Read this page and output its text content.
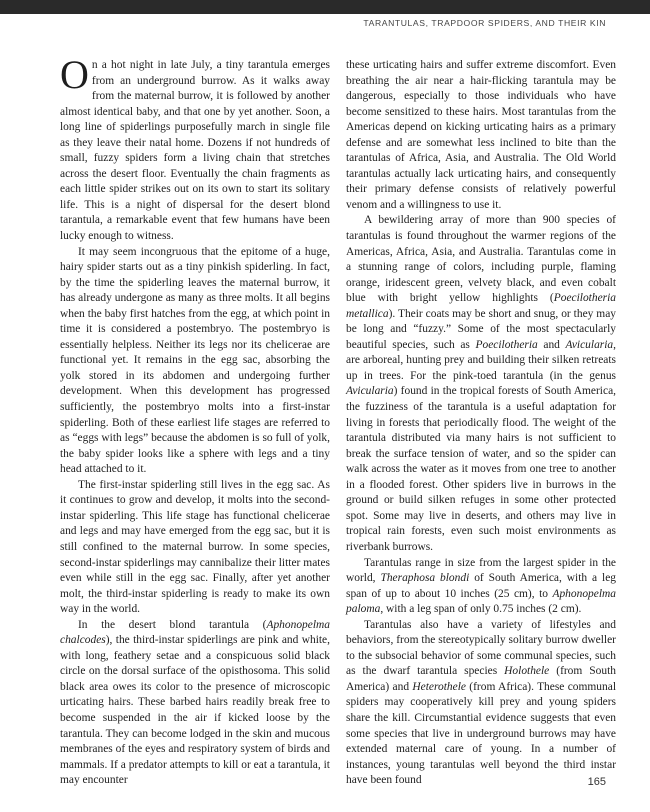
TARANTULAS, TRAPDOOR SPIDERS, AND THEIR KIN

On a hot night in late July, a tiny tarantula emerges from an underground burrow. As it walks away from the maternal burrow, it is followed by another almost identical baby, and that one by yet another. Soon, a long line of spiderlings purposefully march in single file as they leave their natal home. Dozens if not hundreds of small, fuzzy spiders form a living chain that stretches across the desert floor. Eventually the chain fragments as each little spider strikes out on its own to start its solitary life. This is a night of dispersal for the desert blond tarantula, a remarkable event that few humans have been lucky enough to witness.

It may seem incongruous that the epitome of a huge, hairy spider starts out as a tiny pinkish spiderling. In fact, by the time the spiderling leaves the maternal burrow, it has already undergone as many as three molts. It all begins when the baby first hatches from the egg, at which point in time it is considered a postembryo. The postembryo is essentially helpless. Neither its legs nor its chelicerae are functional yet. It remains in the egg sac, absorbing the yolk stored in its abdomen and undergoing further development. When this development has progressed sufficiently, the postembryo molts into a first-instar spiderling. Both of these earliest life stages are referred to as “eggs with legs” because the abdomen is so full of yolk, the baby spider looks like a sphere with legs and a tiny head attached to it.

The first-instar spiderling still lives in the egg sac. As it continues to grow and develop, it molts into the second-instar spiderling. This life stage has functional chelicerae and legs and may have emerged from the egg sac, but it is still confined to the maternal burrow. In some species, second-instar spiderlings may cannibalize their litter mates even while still in the egg sac. Finally, after yet another molt, the third-instar spiderling is ready to make its own way in the world.

In the desert blond tarantula (Aphonopelma chalcodes), the third-instar spiderlings are pink and white, with long, feathery setae and a conspicuous solid black circle on the dorsal surface of the opisthosoma. This solid black area owes its color to the presence of microscopic urticating hairs. These barbed hairs readily break free to become suspended in the air if kicked loose by the tarantula. They can become lodged in the skin and mucous membranes of the eyes and respiratory system of birds and mammals. If a predator attempts to kill or eat a tarantula, it may encounter

these urticating hairs and suffer extreme discomfort. Even breathing the air near a hair-flicking tarantula may be dangerous, especially to those individuals who have become sensitized to these hairs. Most tarantulas from the Americas depend on kicking urticating hairs as a primary defense and are somewhat less inclined to bite than the tarantulas of Africa, Asia, and Australia. The Old World tarantulas actually lack urticating hairs, and consequently their primary defense consists of relatively powerful venom and a willingness to use it.

A bewildering array of more than 900 species of tarantulas is found throughout the warmer regions of the Americas, Africa, Asia, and Australia. Tarantulas come in a stunning range of colors, including purple, flaming orange, iridescent green, velvety black, and even cobalt blue with bright yellow highlights (Poecilotheria metallica). Their coats may be short and snug, or they may be long and “fuzzy.” Some of the most spectacularly beautiful species, such as Poecilotheria and Avicularia, are arboreal, hunting prey and building their silken retreats up in trees. For the pink-toed tarantula (in the genus Avicularia) found in the tropical forests of South America, the fuzziness of the tarantula is a useful adaptation for living in forests that periodically flood. The weight of the tarantula distributed via many hairs is not sufficient to break the surface tension of water, and so the spider can walk across the water as it moves from one tree to another in a flooded forest. Other spiders live in burrows in the ground or build silken refuges in some other protected spot. Some may live in deserts, and others may live in tropical rain forests, even such moist environments as riverbank burrows.

Tarantulas range in size from the largest spider in the world, Theraphosa blondi of South America, with a leg span of up to about 10 inches (25 cm), to Aphonopelma paloma, with a leg span of only 0.75 inches (2 cm).

Tarantulas also have a variety of lifestyles and behaviors, from the stereotypically solitary burrow dweller to the subsocial behavior of some communal species, such as the dwarf tarantula species Holothele (from South America) and Heterothele (from Africa). These communal spiders may cooperatively kill prey and young spiders share the kill. Circumstantial evidence suggests that even some species that live in underground burrows may have extended maternal care of young. In a number of instances, young tarantulas well beyond the third instar have been found	165
